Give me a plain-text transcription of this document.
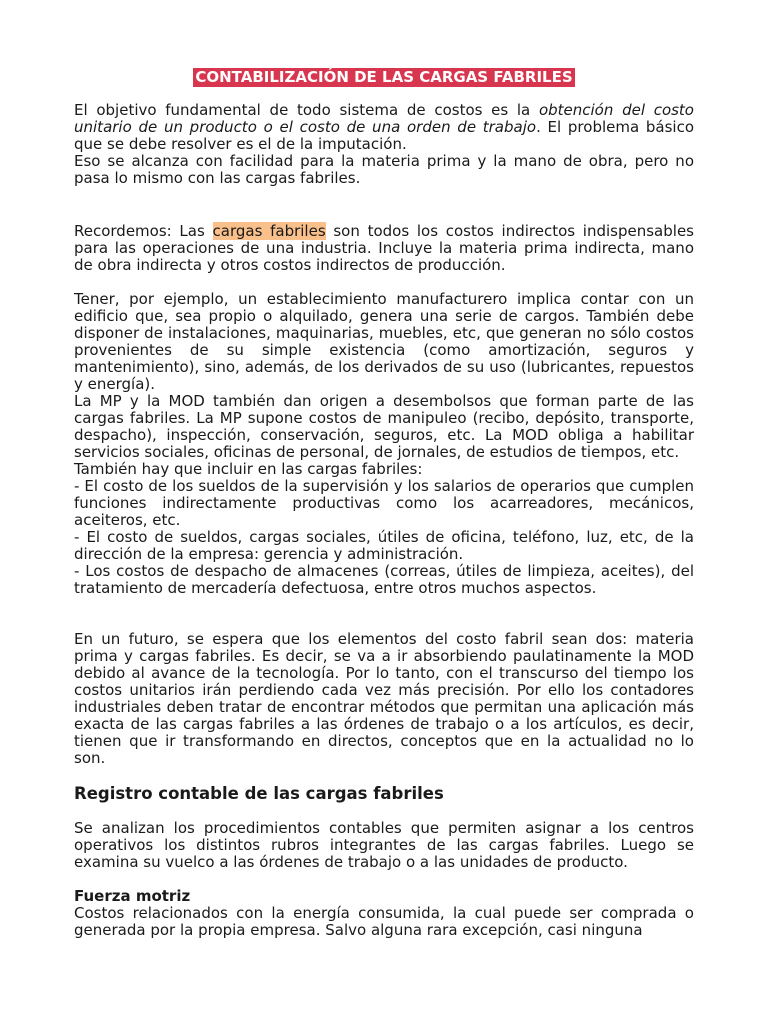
CONTABILIZACIÓN DE LAS CARGAS FABRILES

El objetivo fundamental de todo sistema de costos es la obtención del costo unitario de un producto o el costo de una orden de trabajo. El problema básico que se debe resolver es el de la imputación.

Eso se alcanza con facilidad para la materia prima y la mano de obra, pero no pasa lo mismo con las cargas fabriles.

Recordemos: Las cargas fabriles son todos los costos indirectos indispensables para las operaciones de una industria. Incluye la materia prima indirecta, mano de obra indirecta y otros costos indirectos de producción.

Tener, por ejemplo, un establecimiento manufacturero implica contar con un edificio que, sea propio o alquilado, genera una serie de cargos. También debe disponer de instalaciones, maquinarias, muebles, etc, que generan no sólo costos provenientes de su simple existencia (como amortización, seguros y mantenimiento), sino, además, de los derivados de su uso (lubricantes, repuestos y energía).

La MP y la MOD también dan origen a desembolsos que forman parte de las cargas fabriles. La MP supone costos de manipuleo (recibo, depósito, transporte, despacho), inspección, conservación, seguros, etc. La MOD obliga a habilitar servicios sociales, oficinas de personal, de jornales, de estudios de tiempos, etc.

También hay que incluir en las cargas fabriles:

- El costo de los sueldos de la supervisión y los salarios de operarios que cumplen funciones indirectamente productivas como los acarreadores, mecánicos, aceiteros, etc.

- El costo de sueldos, cargas sociales, útiles de oficina, teléfono, luz, etc, de la dirección de la empresa: gerencia y administración.

- Los costos de despacho de almacenes (correas, útiles de limpieza, aceites), del tratamiento de mercadería defectuosa, entre otros muchos aspectos.

En un futuro, se espera que los elementos del costo fabril sean dos: materia prima y cargas fabriles. Es decir, se va a ir absorbiendo paulatinamente la MOD debido al avance de la tecnología. Por lo tanto, con el transcurso del tiempo los costos unitarios irán perdiendo cada vez más precisión. Por ello los contadores industriales deben tratar de encontrar métodos que permitan una aplicación más exacta de las cargas fabriles a las órdenes de trabajo o a los artículos, es decir, tienen que ir transformando en directos, conceptos que en la actualidad no lo son.

Registro contable de las cargas fabriles

Se analizan los procedimientos contables que permiten asignar a los centros operativos los distintos rubros integrantes de las cargas fabriles. Luego se examina su vuelco a las órdenes de trabajo o a las unidades de producto.

Fuerza motriz

Costos relacionados con la energía consumida, la cual puede ser comprada o generada por la propia empresa. Salvo alguna rara excepción, casi ninguna
